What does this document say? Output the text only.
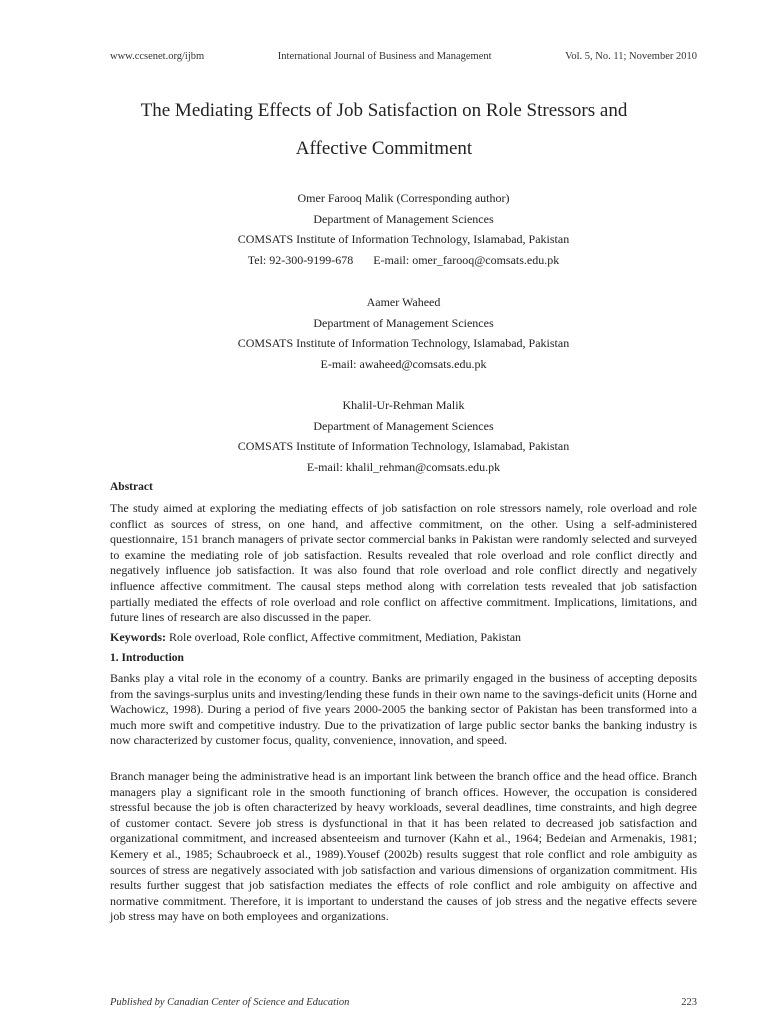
www.ccsenet.org/ijbm	International Journal of Business and Management	Vol. 5, No. 11; November 2010
The Mediating Effects of Job Satisfaction on Role Stressors and
Affective Commitment
Omer Farooq Malik (Corresponding author)
Department of Management Sciences
COMSATS Institute of Information Technology, Islamabad, Pakistan
Tel: 92-300-9199-678 E-mail: omer_farooq@comsats.edu.pk
Aamer Waheed
Department of Management Sciences
COMSATS Institute of Information Technology, Islamabad, Pakistan
E-mail: awaheed@comsats.edu.pk
Khalil-Ur-Rehman Malik
Department of Management Sciences
COMSATS Institute of Information Technology, Islamabad, Pakistan
E-mail: khalil_rehman@comsats.edu.pk
Abstract
The study aimed at exploring the mediating effects of job satisfaction on role stressors namely, role overload and role conflict as sources of stress, on one hand, and affective commitment, on the other. Using a self-administered questionnaire, 151 branch managers of private sector commercial banks in Pakistan were randomly selected and surveyed to examine the mediating role of job satisfaction. Results revealed that role overload and role conflict directly and negatively influence job satisfaction. It was also found that role overload and role conflict directly and negatively influence affective commitment. The causal steps method along with correlation tests revealed that job satisfaction partially mediated the effects of role overload and role conflict on affective commitment. Implications, limitations, and future lines of research are also discussed in the paper.
Keywords: Role overload, Role conflict, Affective commitment, Mediation, Pakistan
1. Introduction
Banks play a vital role in the economy of a country. Banks are primarily engaged in the business of accepting deposits from the savings-surplus units and investing/lending these funds in their own name to the savings-deficit units (Horne and Wachowicz, 1998). During a period of five years 2000-2005 the banking sector of Pakistan has been transformed into a much more swift and competitive industry. Due to the privatization of large public sector banks the banking industry is now characterized by customer focus, quality, convenience, innovation, and speed.
Branch manager being the administrative head is an important link between the branch office and the head office. Branch managers play a significant role in the smooth functioning of branch offices. However, the occupation is considered stressful because the job is often characterized by heavy workloads, several deadlines, time constraints, and high degree of customer contact. Severe job stress is dysfunctional in that it has been related to decreased job satisfaction and organizational commitment, and increased absenteeism and turnover (Kahn et al., 1964; Bedeian and Armenakis, 1981; Kemery et al., 1985; Schaubroeck et al., 1989).Yousef (2002b) results suggest that role conflict and role ambiguity as sources of stress are negatively associated with job satisfaction and various dimensions of organization commitment. His results further suggest that job satisfaction mediates the effects of role conflict and role ambiguity on affective and normative commitment. Therefore, it is important to understand the causes of job stress and the negative effects severe job stress may have on both employees and organizations.
Published by Canadian Center of Science and Education	223
